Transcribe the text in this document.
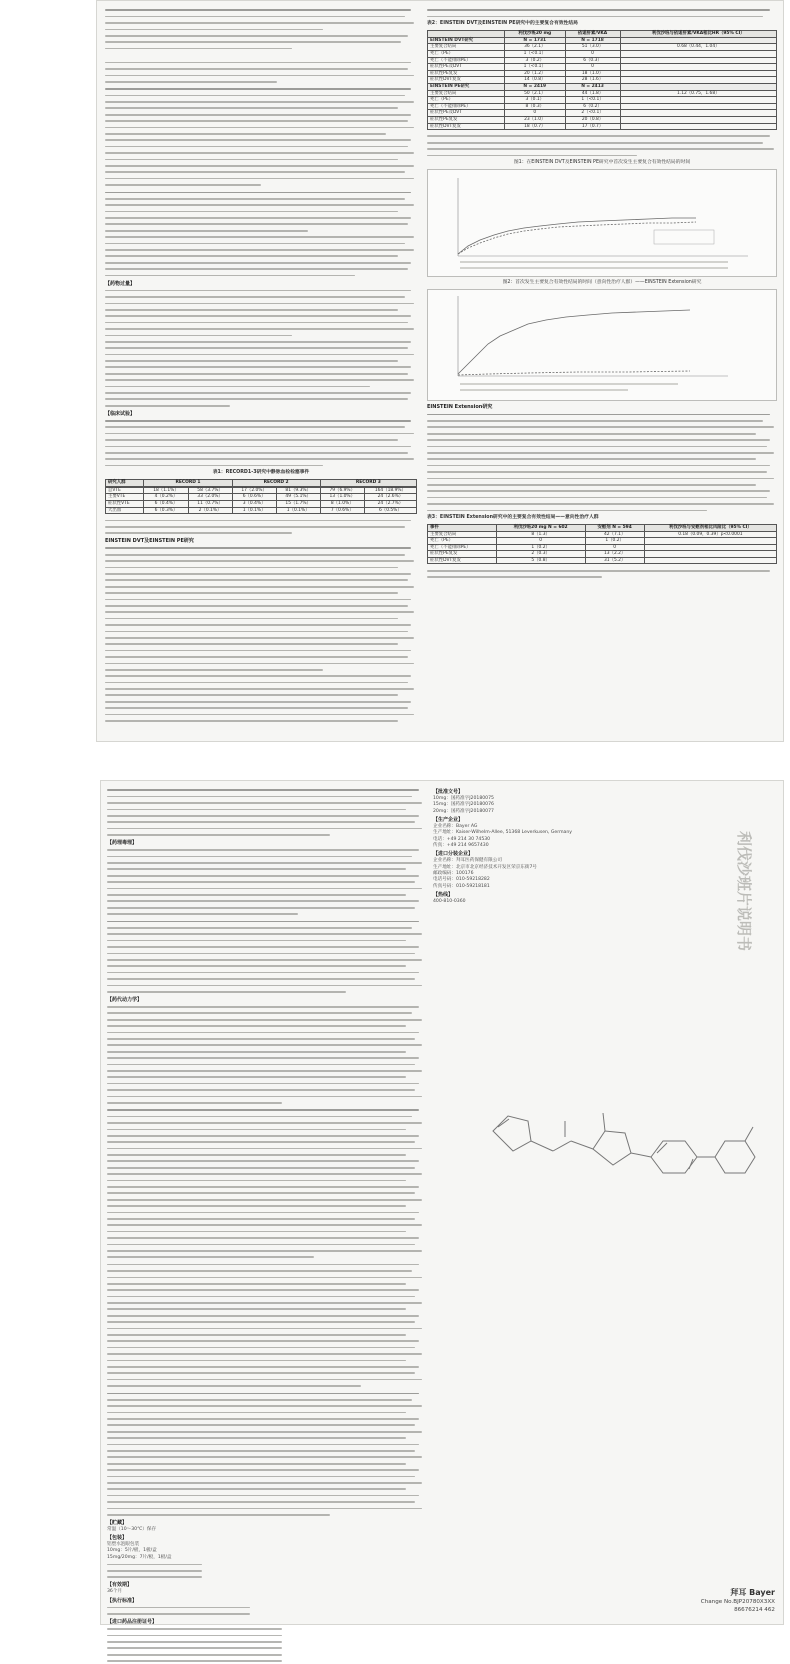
【药物过量】
【临床试验】
表1：RECORD1-3研究中静脉血栓栓塞事件
研究人群	RECORD 1		RECORD 2		RECORD 3	

总VTE	18（1.1%）	58（3.7%）	17（2.0%）	81（9.3%）	79（6.9%）	164（18.9%）
主要VTE	4（0.2%）	33（2.0%）	6（0.6%）	49（5.1%）	13（1.0%）	24（2.6%）
症状性VTE	6（0.4%）	11（0.7%）	3（0.4%）	15（1.7%）	8（1.0%）	24（2.7%）
大出血	6（0.3%）	2（0.1%）	1（0.1%）	1（0.1%）	7（0.6%）	6（0.5%）
EINSTEIN DVT及EINSTEIN PE研究
表2：EINSTEIN DVT及EINSTEIN PE研究中的主要复合有效性结局
	利伐沙班20 mg	依诺肝素/VKA	利伐沙班与依诺肝素/VKA相比HR（95% CI）
EINSTEIN DVT研究	N = 1731	N = 1718	
主要复合结局	36（2.1）	51（3.0）	0.68（0.44，1.04）
死亡（PE）	1（<0.1）	0	
死亡（不能排除PE）	3（0.2）	6（0.3）	
症状性PE及DVT	1（<0.1）	0	
症状性PE复发	20（1.2）	18（1.0）	
症状性DVT复发	14（0.8）	28（1.6）	
EINSTEIN PE研究	N = 2419	N = 2413	
主要复合结局	50（2.1）	44（1.8）	1.12（0.75，1.68）
死亡（PE）	3（0.1）	1（<0.1）	
死亡（不能排除PE）	8（0.3）	6（0.2）	
症状性PE及DVT	0	2（<0.1）	
症状性PE复发	23（1.0）	20（0.8）	
症状性DVT复发	18（0.7）	17（0.7）	
图1：在EINSTEIN DVT及EINSTEIN PE研究中首次发生主要复合有效性结局的时间
图2：首次发生主要复合有效性结局的时间（意向性治疗人群）——EINSTEIN Extension研究
EINSTEIN Extension研究
表3：EINSTEIN Extension研究中的主要复合有效性结局——意向性治疗人群
事件	利伐沙班20 mg N = 602	安慰剂 N = 594	利伐沙班与安慰剂相比风险比（95% CI）
主要复合结局	8（1.3）	42（7.1）	0.18（0.09，0.39）p<0.0001
死亡（PE）	0	1（0.2）	
死亡（不能排除PE）	1（0.2）	0	
症状性PE复发	2（0.3）	13（2.2）	
症状性DVT复发	5（0.8）	31（5.2）	
【药理毒理】
【药代动力学】
【贮藏】
常温（10～30℃）保存
【包装】
铝塑水泡眼包装
10mg：5片/板，1板/盒
15mg/20mg：7片/板，1板/盒
【有效期】
36个月
【执行标准】
【进口药品注册证号】
【批准文号】
10mg：国药准字J20180075
15mg：国药准字J20180076
20mg：国药准字J20180077
【生产企业】
企业名称：Bayer AG
生产地址：Kaiser-Wilhelm-Allee, 51368 Leverkusen, Germany
电话：+49 214 30 74530
传真：+49 214 9657430
【进口分装企业】
企业名称：拜耳医药保健有限公司
生产地址：北京市北京经济技术开发区荣京东街7号
邮政编码：100176
电话号码：010-59218282
传真号码：010-59218181
【热线】
400-810-0360	利伐沙班片说明书
拜耳 Bayer
Change No.BJP20780X3XX
86676214 462
